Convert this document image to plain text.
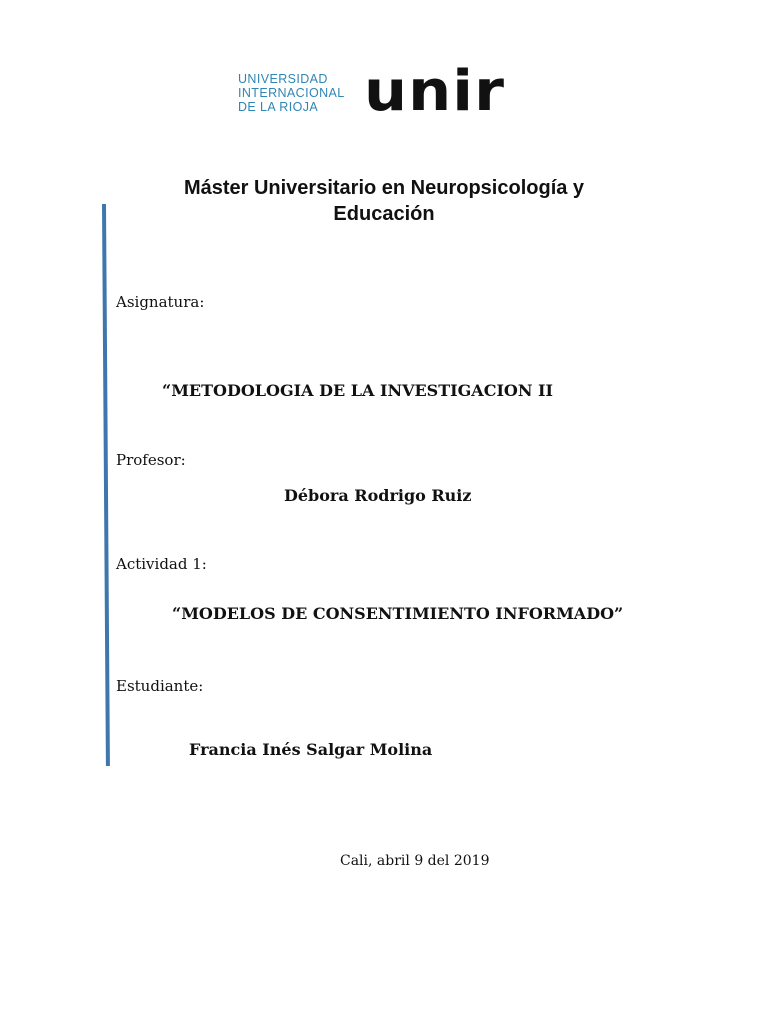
UNIVERSIDAD
INTERNACIONAL
DE LA RIOJA unir
Máster Universitario en Neuropsicología y
Educación
Asignatura:
“METODOLOGIA DE LA INVESTIGACION II
Profesor:
Débora Rodrigo Ruiz
Actividad 1:
“MODELOS DE CONSENTIMIENTO INFORMADO”
Estudiante:
Francia Inés Salgar Molina
Cali, abril 9 del 2019
